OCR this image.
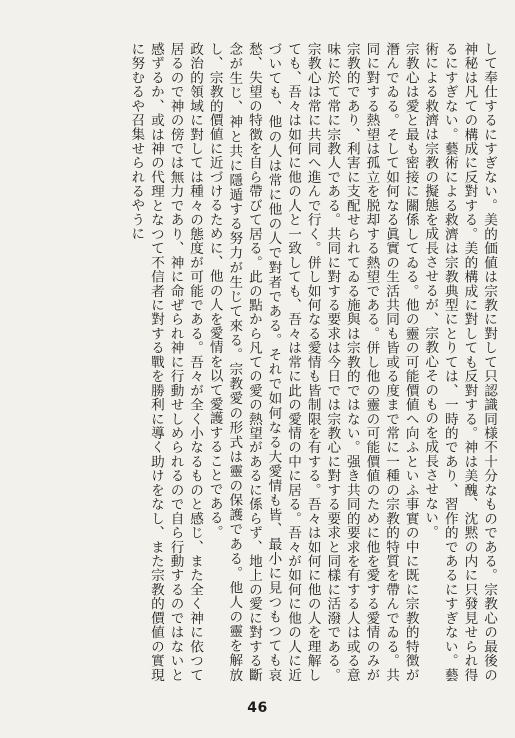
して奉仕するにすぎない。美的価値は宗教に對して只認識同様不十分なものである。宗教心の最後の神秘は凡ての構成に反對する。美的構成に對しても反對する。神は美醜、沈黙の内に只發見せられ得るにすぎない。藝術による救濟は宗教典型にとりては、一時的であり、習作的であるにすぎない。藝術による救濟は宗教の擬態を成長させるが、宗教心そのものを成長させない。

宗教心は愛と最も密接に關係してゐる。他の靈の可能價値へ向ふといふ事實の中に既に宗教的特徴が潛んでゐる。そして如何なる眞實の生活共同も皆或る度まで常に一種の宗教的特質を帶んでゐる。共同に對する熱望は孤立を脱却する熱望である。併し他の靈の可能價値のために他を愛する愛情のみが宗教的であり、利害に支配せられてゐる施與は宗教的ではない。强き共同的要求を有する人は或る意味に於て常に宗教人である。共同に對する要求は今日では宗教心に對する要求と同樣に活潑である。宗教心は常に共同へ進んで行く。併し如何なる愛情も皆制限を有する。吾々は如何に他の人を理解しても、吾々は如何に他の人と一致しても、吾々は常に此の愛情の中に居る。吾々が如何に他の人に近づいても、他の人は常に他の人で對者である。それで如何なる大愛情も皆、最小に見つもつても哀愁、失望の特徴を自ら帶びて居る。此の點から凡ての愛の熱望があるに係らず、地上の愛に對する斷念が生じ、神と共に隱遁する努力が生じて來る。宗教愛の形式は靈の保護である。他人の靈を解放し、宗教的價値に近づけるために、他の人を愛情を以て愛護することである。

政治的領域に對しては種々の態度が可能である。吾々が全く小なるものと感じ、また全く神に依つて居るので神の傍では無力であり、神に命ぜられ神に行動せしめられるので自ら行動するのではないと感ずるか、或は神の代理となつて不信者に對する戰を勝利に導く助けをなし、また宗教的價値の實現に努むるや召集せられるやうに

46
